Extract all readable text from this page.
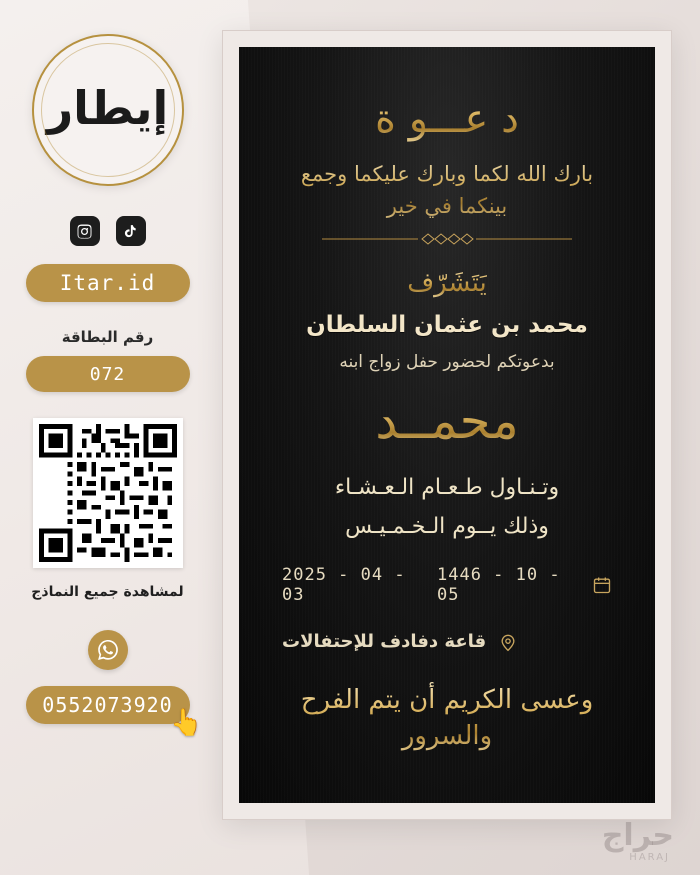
إيطار
Itar.id
رقم البطاقة
072
لمشاهدة جميع النماذج
0552073920
👆
د عـــو ة
بارك الله لكما وبارك عليكما وجمع بينكما في خير
يَتَشَرّف
محمد بن عثمان السلطان
بدعوتكم لحضور حفل زواج ابنه
محمــد
وتـنـاول طـعـام الـعـشـاء
وذلك يــوم الـخـمـيـس
1446 - 10 - 05
2025 - 04 - 03
قاعة دفادف للإحتفالات
وعسى الكريم أن يتم الفرح والسرور
حراج
HARAJ
